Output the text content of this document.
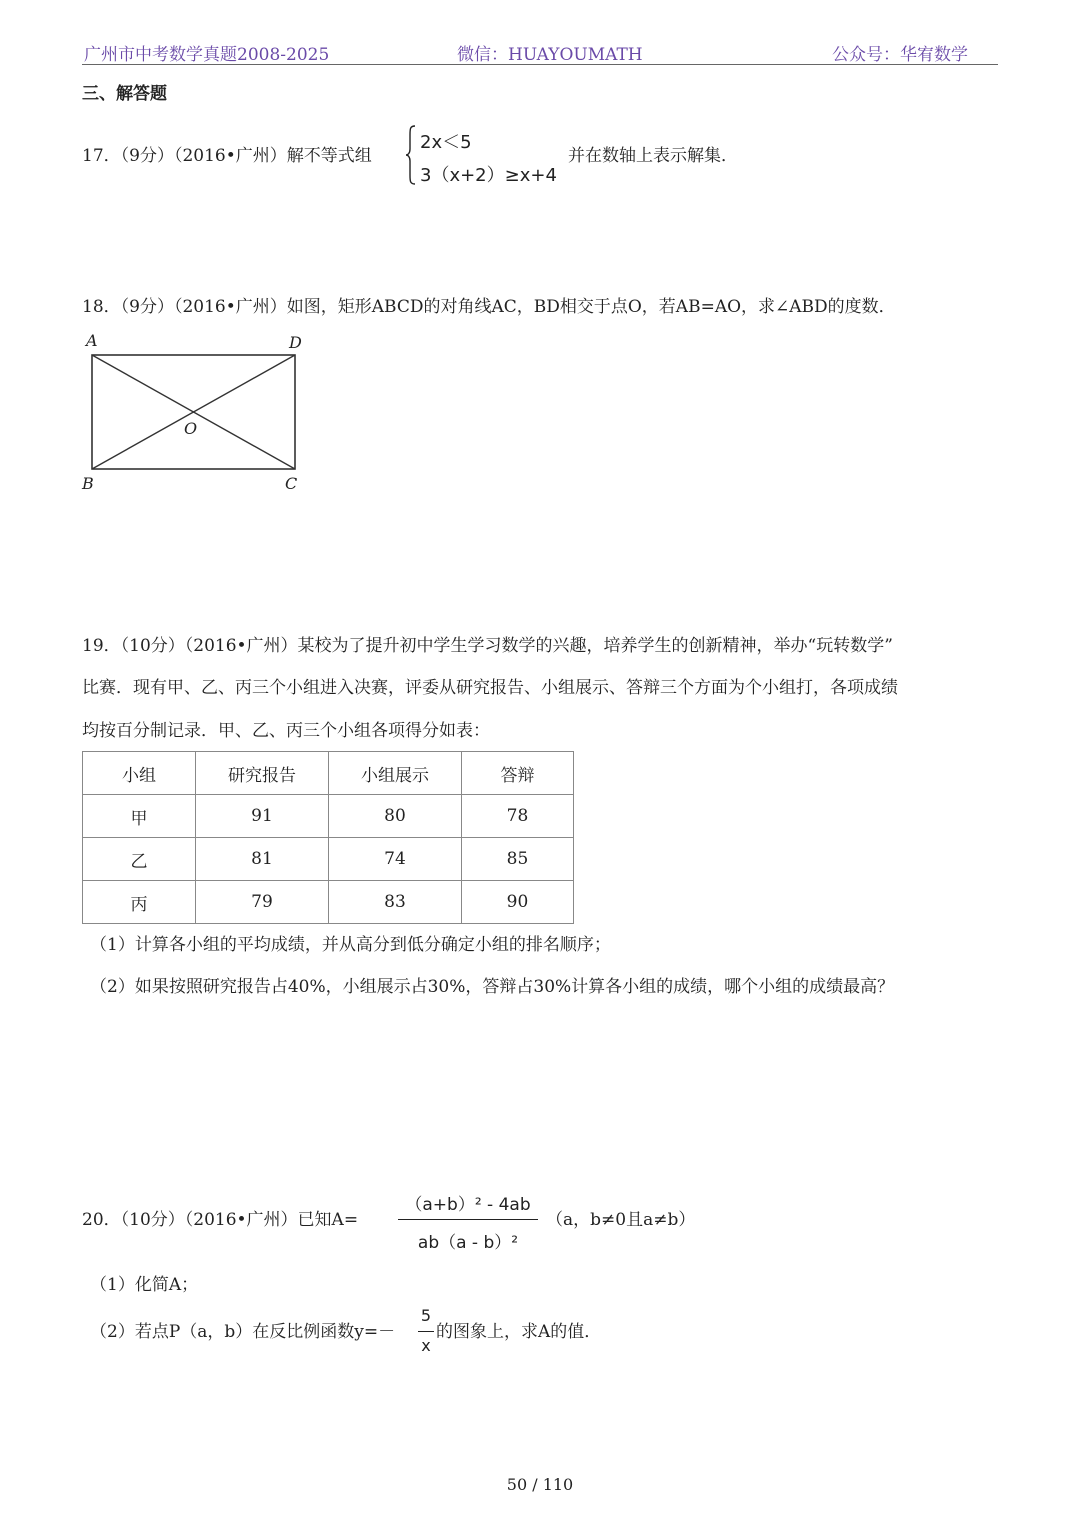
广州市中考数学真题2008-2025	微信：HUAYOUMATH	公众号：华宥数学
三、解答题
17．（9分）（2016•广州）解不等式组
2x＜5
3（x+2）≥x+4
并在数轴上表示解集．
18．（9分）（2016•广州）如图，矩形ABCD的对角线AC，BD相交于点O，若AB=AO，求∠ABD的度数．
A	D
O
B	C
19．（10分）（2016•广州）某校为了提升初中学生学习数学的兴趣，培养学生的创新精神，举办“玩转数学”
比赛．现有甲、乙、丙三个小组进入决赛，评委从研究报告、小组展示、答辩三个方面为个小组打，各项成绩
均按百分制记录．甲、乙、丙三个小组各项得分如表：
小组	研究报告	小组展示	答辩
甲	91	80	78
乙	81	74	85
丙	79	83	90
（1）计算各小组的平均成绩，并从高分到低分确定小组的排名顺序；
（2）如果按照研究报告占40%，小组展示占30%，答辩占30%计算各小组的成绩，哪个小组的成绩最高？
20．（10分）（2016•广州）已知A=
（a+b）² - 4ab
ab（a - b）²
（a，b≠0且a≠b）
（1）化简A；
（2）若点P（a，b）在反比例函数y=－
5
x
的图象上，求A的值．
50 / 110
